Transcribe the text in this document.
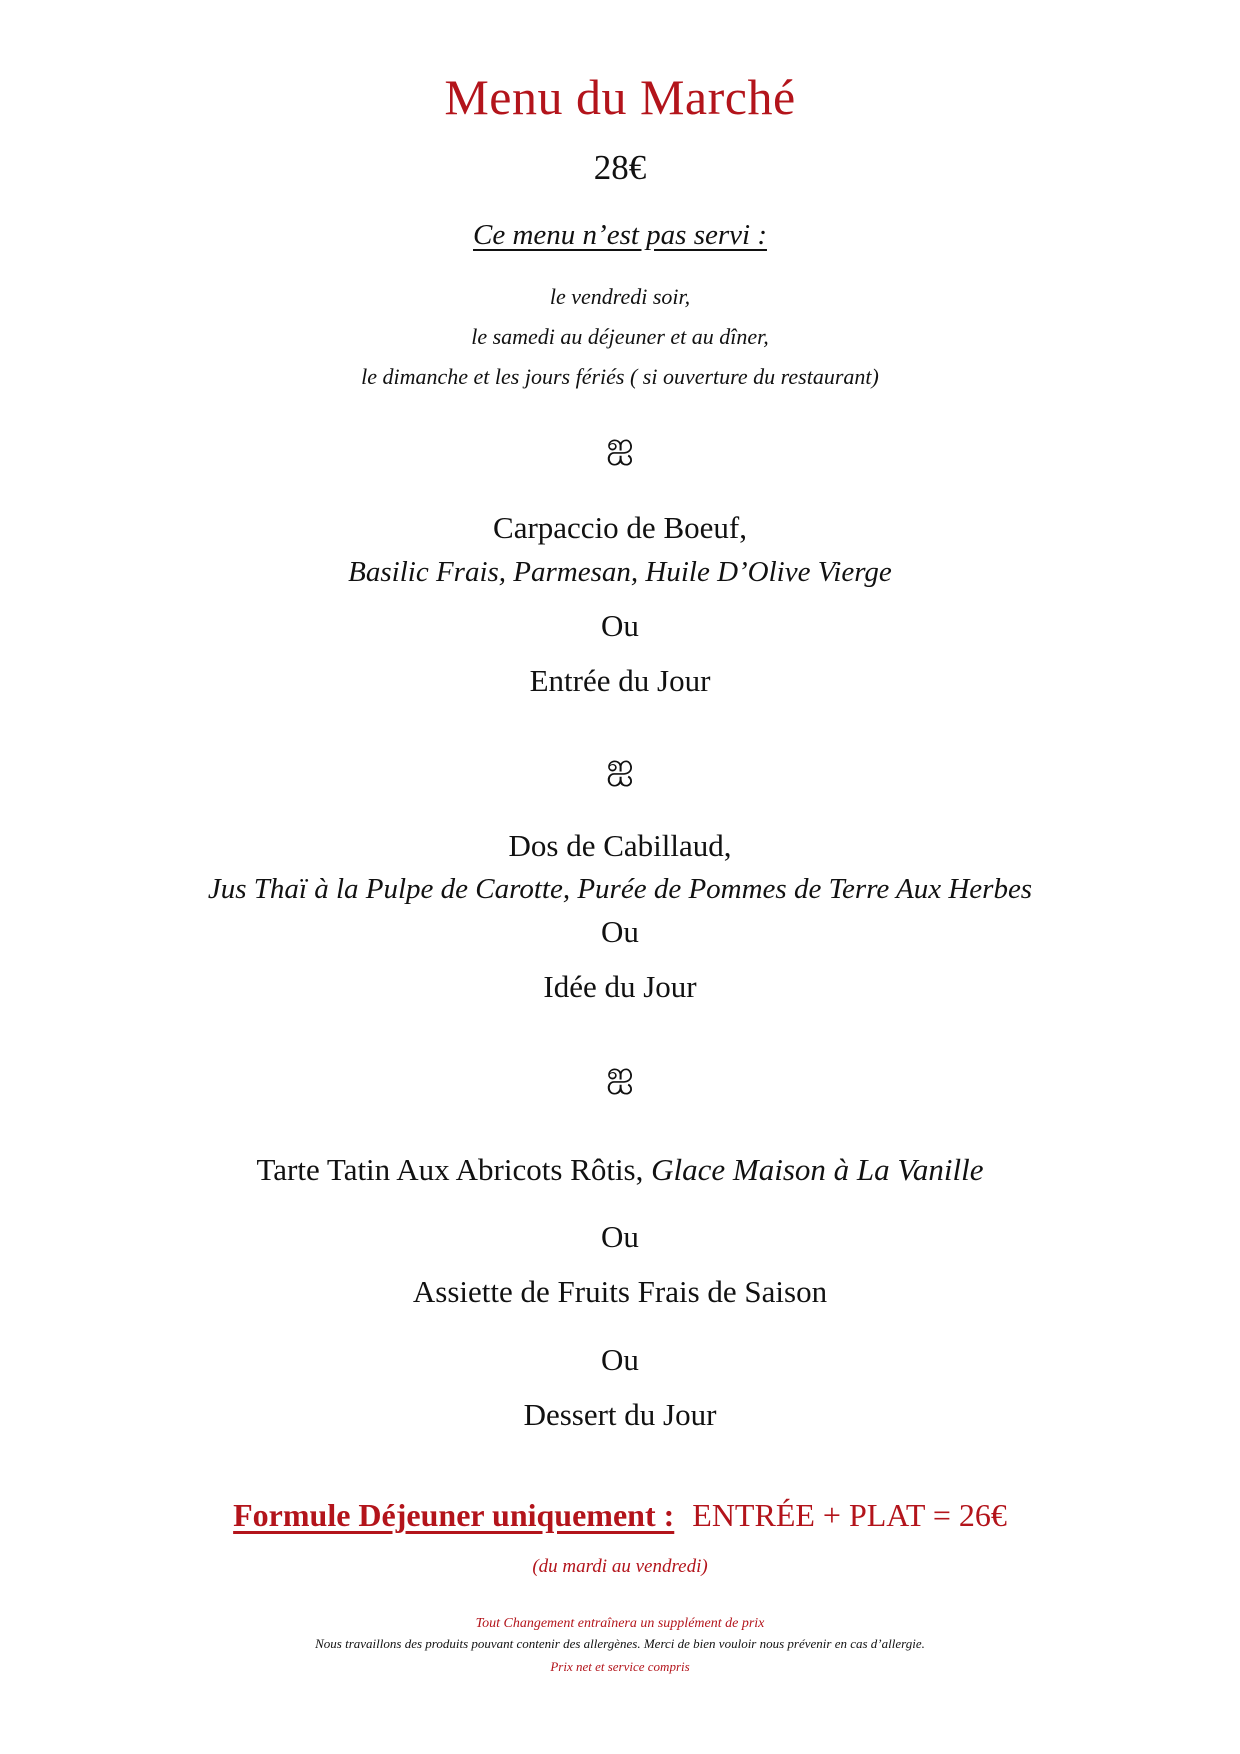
Menu du Marché
28€
Ce menu n’est pas servi :
le vendredi soir,
le samedi au déjeuner et au dîner,
le dimanche et les jours fériés ( si ouverture du restaurant)
ஐ
Carpaccio de Boeuf,
Basilic Frais, Parmesan, Huile D’Olive Vierge
Ou
Entrée du Jour
ஐ
Dos de Cabillaud,
Jus Thaï à la Pulpe de Carotte, Purée de Pommes de Terre Aux Herbes
Ou
Idée du Jour
ஐ
Tarte Tatin Aux Abricots Rôtis, Glace Maison à La Vanille
Ou
Assiette de Fruits Frais de Saison
Ou
Dessert du Jour
Formule Déjeuner uniquement : ENTRÉE + PLAT = 26€
(du mardi au vendredi)
Tout Changement entraînera un supplément de prix
Nous travaillons des produits pouvant contenir des allergènes. Merci de bien vouloir nous prévenir en cas d’allergie.
Prix net et service compris
